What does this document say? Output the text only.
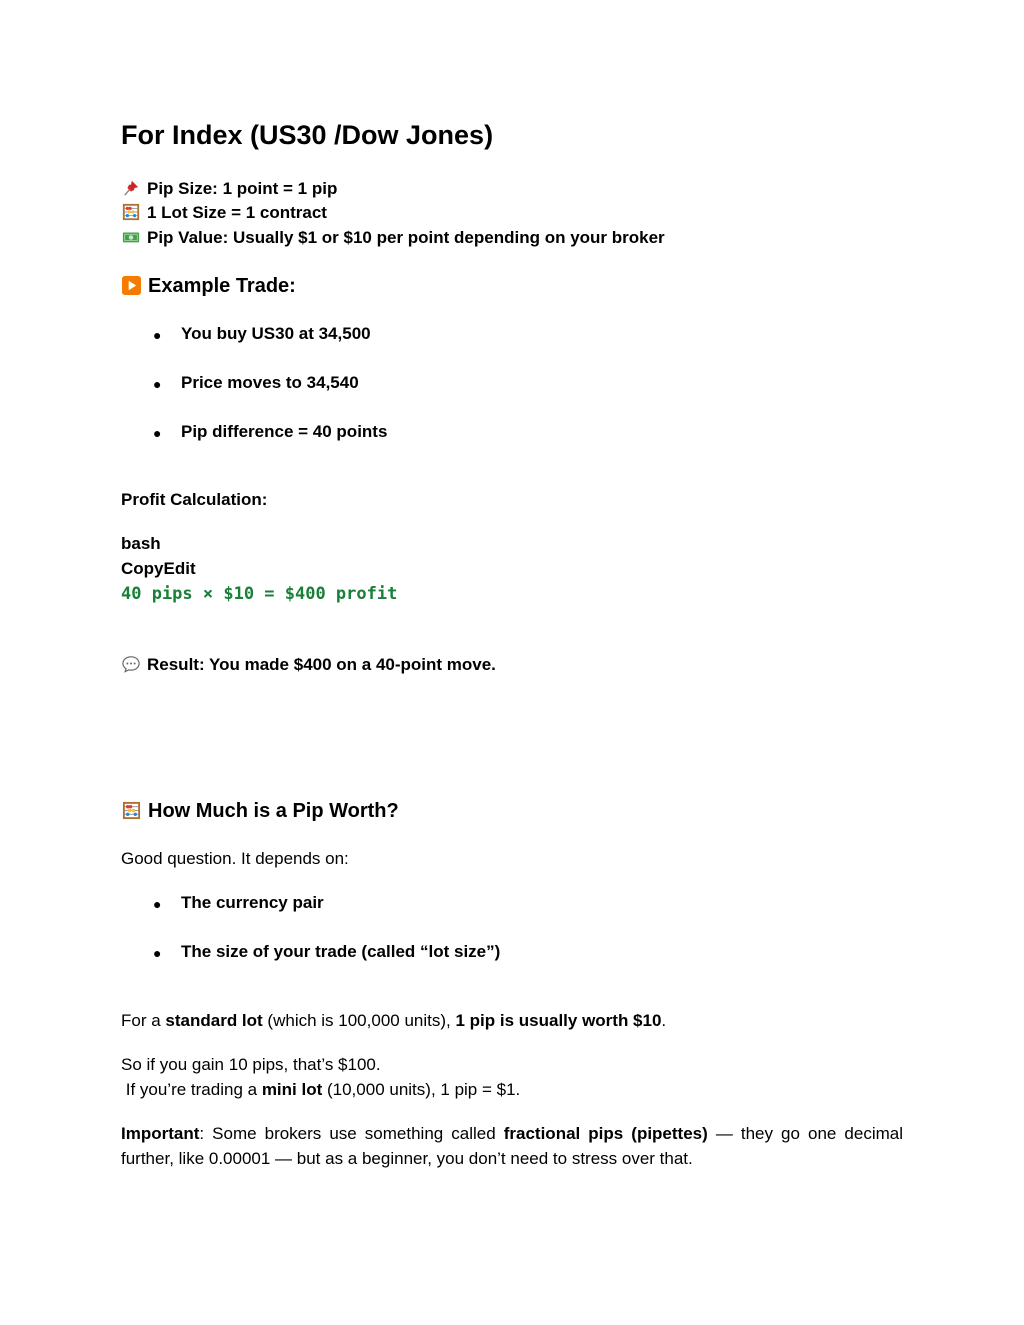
For Index (US30 /Dow Jones)
Pip Size: 1 point = 1 pip
1 Lot Size = 1 contract
Pip Value: Usually $1 or $10 per point depending on your broker
Example Trade:
● You buy US30 at 34,500
● Price moves to 34,540
● Pip difference = 40 points
Profit Calculation:
bash
CopyEdit
40 pips × $10 = $400 profit
Result: You made $400 on a 40-point move.
How Much is a Pip Worth?
Good question. It depends on:
● The currency pair
● The size of your trade (called “lot size”)
For a standard lot (which is 100,000 units), 1 pip is usually worth $10.
So if you gain 10 pips, that’s $100.
If you’re trading a mini lot (10,000 units), 1 pip = $1.
Important: Some brokers use something called fractional pips (pipettes) — they go one decimal further, like 0.00001 — but as a beginner, you don’t need to stress over that.
